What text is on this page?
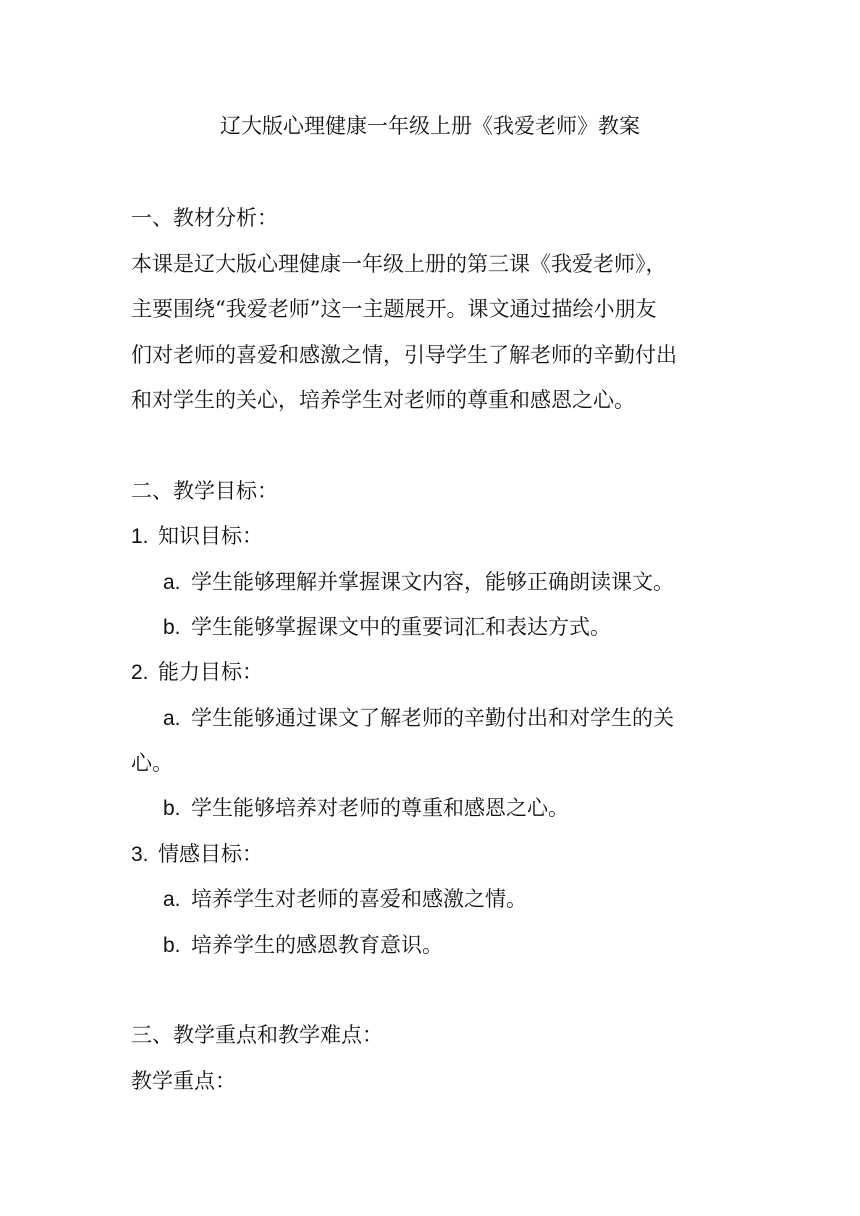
辽大版心理健康一年级上册《我爱老师》教案
一、教材分析：
本课是辽大版心理健康一年级上册的第三课《我爱老师》，
主要围绕“我爱老师”这一主题展开。课文通过描绘小朋友
们对老师的喜爱和感激之情，引导学生了解老师的辛勤付出
和对学生的关心，培养学生对老师的尊重和感恩之心。
二、教学目标：
1. 知识目标：
a. 学生能够理解并掌握课文内容，能够正确朗读课文。
b. 学生能够掌握课文中的重要词汇和表达方式。
2. 能力目标：
a. 学生能够通过课文了解老师的辛勤付出和对学生的关
心。
b. 学生能够培养对老师的尊重和感恩之心。
3. 情感目标：
a. 培养学生对老师的喜爱和感激之情。
b. 培养学生的感恩教育意识。
三、教学重点和教学难点：
教学重点：
